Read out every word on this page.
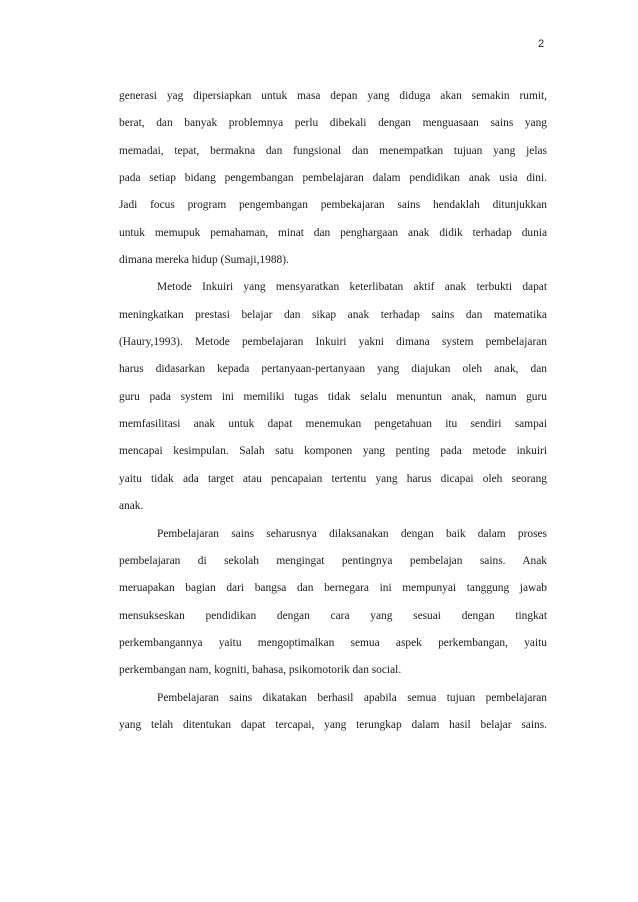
2
generasi yag dipersiapkan untuk masa depan yang diduga akan semakin rumit,
berat, dan banyak problemnya perlu dibekali dengan menguasaan sains yang
memadai, tepat, bermakna dan fungsional dan menempatkan tujuan yang jelas
pada setiap bidang pengembangan pembelajaran dalam pendidikan anak usia dini.
Jadi focus program pengembangan pembekajaran sains hendaklah ditunjukkan
untuk memupuk pemahaman, minat dan penghargaan anak didik terhadap dunia
dimana mereka hidup (Sumaji,1988).
Metode Inkuiri yang mensyaratkan keterlibatan aktif anak terbukti dapat
meningkatkan prestasi belajar dan sikap anak terhadap sains dan matematika
(Haury,1993). Metode pembelajaran Inkuiri yakni dimana system pembelajaran
harus didasarkan kepada pertanyaan-pertanyaan yang diajukan oleh anak, dan
guru pada system ini memiliki tugas tidak selalu menuntun anak, namun guru
memfasilitasi anak untuk dapat menemukan pengetahuan itu sendiri sampai
mencapai kesimpulan. Salah satu komponen yang penting pada metode inkuiri
yaitu tidak ada target atau pencapaian tertentu yang harus dicapai oleh seorang
anak.
Pembelajaran sains seharusnya dilaksanakan dengan baik dalam proses
pembelajaran di sekolah mengingat pentingnya pembelajan sains. Anak
meruapakan bagian dari bangsa dan bernegara ini mempunyai tanggung jawab
mensukseskan pendidikan dengan cara yang sesuai dengan tingkat
perkembangannya yaitu mengoptimalkan semua aspek perkembangan, yaitu
perkembangan nam, kogniti, bahasa, psikomotorik dan social.
Pembelajaran sains dikatakan berhasil apabila semua tujuan pembelajaran
yang telah ditentukan dapat tercapai, yang terungkap dalam hasil belajar sains.
